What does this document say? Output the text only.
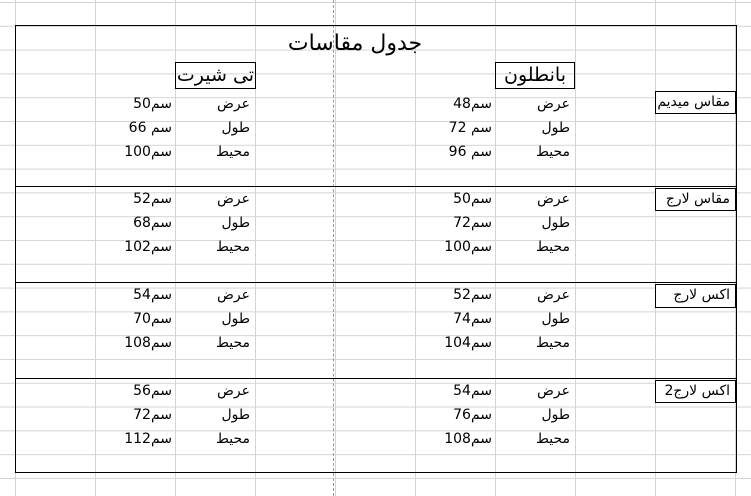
جدول مقاسات
تى شيرت	بانطلون
مقاس ميديم
عرض
طول
محيط
50سم
سم 66
100سم
عرض
طول
محيط
48سم
72 سم
96 سم
مقاس لارج
عرض
طول
محيط
52سم
68سم
102سم
عرض
طول
محيط
50سم
72سم
100سم
اكس لارج
عرض
طول
محيط
54سم
70سم
108سم
عرض
طول
محيط
52سم
74سم
104سم
2اكس لارج
عرض
طول
محيط
56سم
72سم
112سم
عرض
طول
محيط
54سم
76سم
108سم
